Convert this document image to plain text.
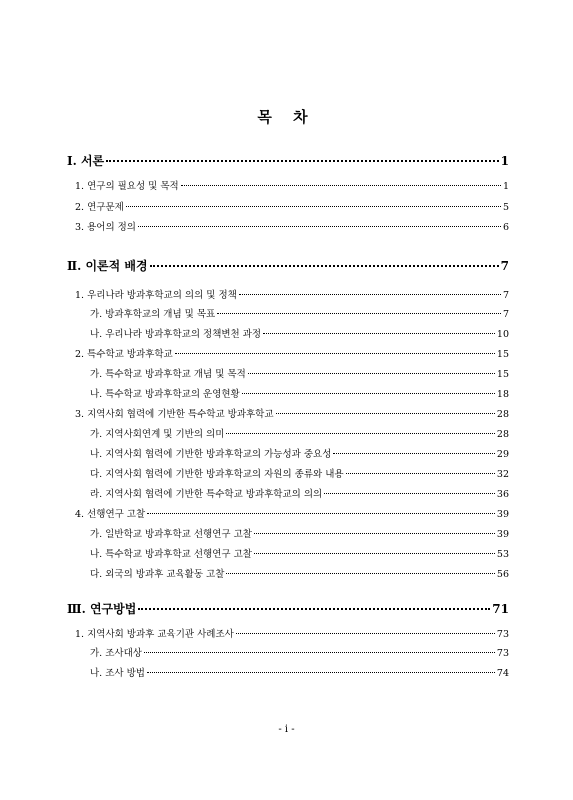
목 차
Ⅰ. 서론	1
1. 연구의 필요성 및 목적	1
2. 연구문제	5
3. 용어의 정의	6
Ⅱ. 이론적 배경	7
1. 우리나라 방과후학교의 의의 및 정책	7
가. 방과후학교의 개념 및 목표	7
나. 우리나라 방과후학교의 정책변천 과정	10
2. 특수학교 방과후학교	15
가. 특수학교 방과후학교 개념 및 목적	15
나. 특수학교 방과후학교의 운영현황	18
3. 지역사회 협력에 기반한 특수학교 방과후학교	28
가. 지역사회연계 및 기반의 의미	28
나. 지역사회 협력에 기반한 방과후학교의 가능성과 중요성	29
다. 지역사회 협력에 기반한 방과후학교의 자원의 종류와 내용	32
라. 지역사회 협력에 기반한 특수학교 방과후학교의 의의	36
4. 선행연구 고찰	39
가. 일반학교 방과후학교 선행연구 고찰	39
나. 특수학교 방과후학교 선행연구 고찰	53
다. 외국의 방과후 교육활동 고찰	56
Ⅲ. 연구방법	71
1. 지역사회 방과후 교육기관 사례조사	73
가. 조사대상	73
나. 조사 방법	74
- i -
